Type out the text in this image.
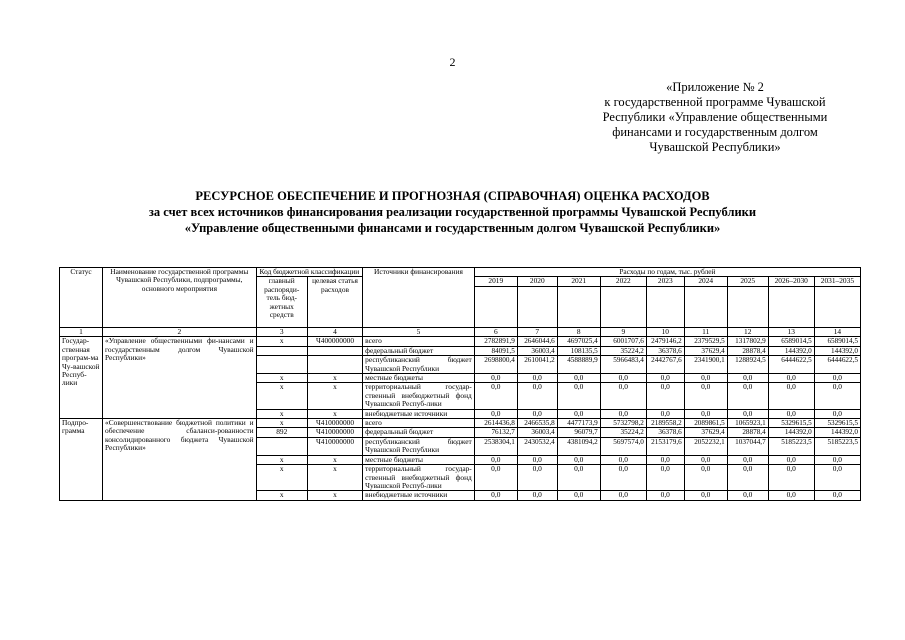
2
«Приложение № 2
к государственной программе Чувашской
Республики «Управление общественными
финансами и государственным долгом
Чувашской Республики»
РЕСУРСНОЕ ОБЕСПЕЧЕНИЕ И ПРОГНОЗНАЯ (СПРАВОЧНАЯ) ОЦЕНКА РАСХОДОВ
за счет всех источников финансирования реализации государственной программы Чувашской Республики
«Управление общественными финансами и государственным долгом Чувашской Республики»
Статус	Наименование государственной программы Чувашской Республики, подпрограммы, основного мероприятия	Код бюджетной классификации		Источники финансирования	Расходы по годам, тыс. рублей								
		главный распоряди-тель бюд-жетных средств	целевая статья расходов		2019	2020	2021	2022	2023	2024	2025	2026–2030	2031–2035

1	2	3	4	5	6	7	8	9	10	11	12	13	14
Государ-ственная програм-ма Чу-вашской Респуб-лики	«Управление общественными фи-нансами и государственным долгом Чувашской Республики»	x	Ч400000000	всего	2782891,9	2646044,6	4697025,4	6001707,6	2479146,2	2379529,5	1317802,9	6589014,5	6589014,5
				федеральный бюджет	84091,5	36003,4	108135,5	35224,2	36378,6	37629,4	28878,4	144392,0	144392,0
				республиканский бюджет Чувашской Республики	2698800,4	2610041,2	4588889,9	5966483,4	2442767,6	2341900,1	1288924,5	6444622,5	6444622,5
		x	x	местные бюджеты	0,0	0,0	0,0	0,0	0,0	0,0	0,0	0,0	0,0
		x	x	территориальный государ-ственный внебюджетный фонд Чувашской Респуб-лики	0,0	0,0	0,0	0,0	0,0	0,0	0,0	0,0	0,0
		x	x	внебюджетные источники	0,0	0,0	0,0	0,0	0,0	0,0	0,0	0,0	0,0
Подпро-грамма	«Совершенствование бюджетной политики и обеспечение сбаланси-рованности консолидированного бюджета Чувашской Республики»	x	Ч410000000	всего	2614436,8	2466535,8	4477173,9	5732798,2	2189558,2	2089861,5	1065923,1	5329615,5	5329615,5
		892	Ч410000000	федеральный бюджет	76132,7	36003,4	96079,7	35224,2	36378,6	37629,4	28878,4	144392,0	144392,0
			Ч410000000	республиканский бюджет Чувашской Республики	2538304,1	2430532,4	4381094,2	5697574,0	2153179,6	2052232,1	1037044,7	5185223,5	5185223,5
		x	x	местные бюджеты	0,0	0,0	0,0	0,0	0,0	0,0	0,0	0,0	0,0
		x	x	территориальный государ-ственный внебюджетный фонд Чувашской Респуб-лики	0,0	0,0	0,0	0,0	0,0	0,0	0,0	0,0	0,0
		x	x	внебюджетные источники	0,0	0,0	0,0	0,0	0,0	0,0	0,0	0,0	0,0
